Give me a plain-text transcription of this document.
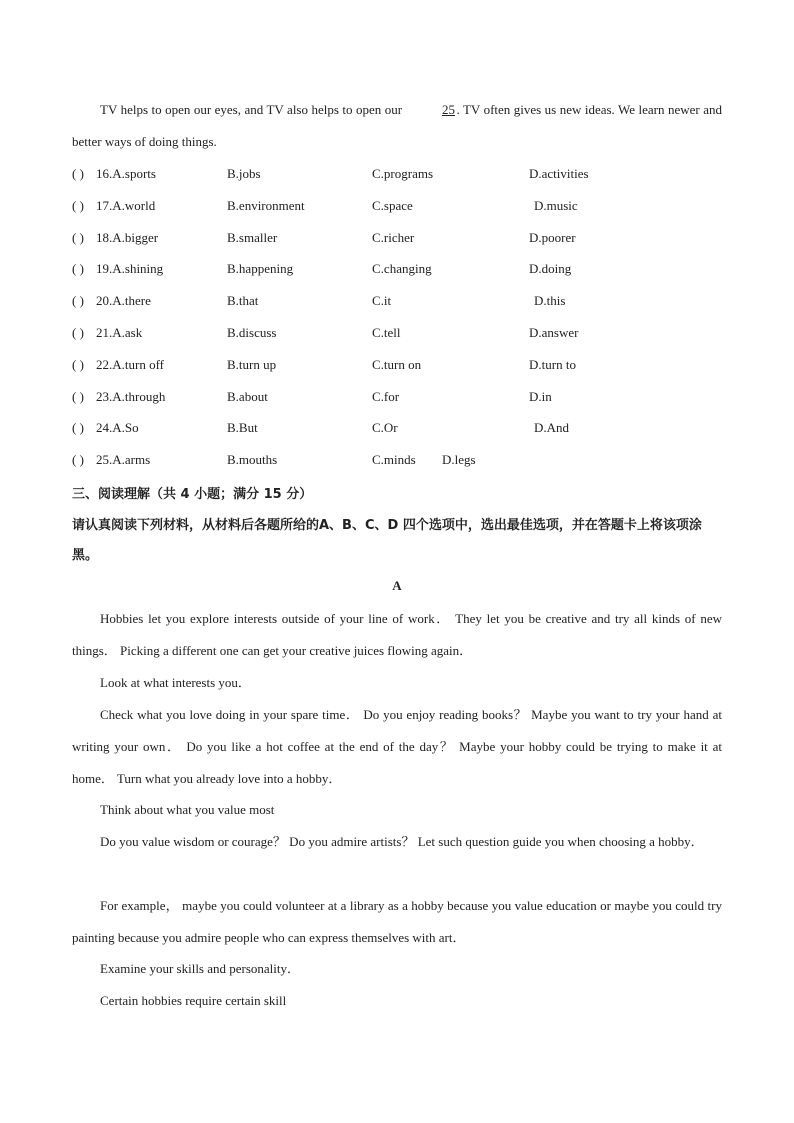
TV helps to open our eyes, and TV also helps to open our	25 . TV often gives us new ideas. We learn newer and better ways of doing things.
( ) 16.A.sports	B.jobs	C.programs	D.activities
( ) 17.A.world	B.environment	C.space	D.music
( ) 18.A.bigger	B.smaller	C.richer	D.poorer
( ) 19.A.shining	B.happening	C.changing	D.doing
( ) 20.A.there	B.that	C.it	D.this
( ) 21.A.ask	B.discuss	C.tell	D.answer
( ) 22.A.turn off	B.turn up	C.turn on	D.turn to
( ) 23.A.through	B.about	C.for	D.in
( ) 24.A.So	B.But	C.Or	D.And
( ) 25.A.arms	B.mouths	C.minds D.legs
三、阅读理解（共 4 小题；满分 15 分）
请认真阅读下列材料，从材料后各题所给的A、B、C、D 四个选项中，选出最佳选项，并在答题卡上将该项涂黑。
A
Hobbies let you explore interests outside of your line of work． They let you be creative and try all kinds of new things． Picking a different one can get your creative juices flowing again．
Look at what interests you．
Check what you love doing in your spare time． Do you enjoy reading books？ Maybe you want to try your hand at writing your own． Do you like a hot coffee at the end of the day？ Maybe your hobby could be trying to make it at home． Turn what you already love into a hobby．
Think about what you value most
Do you value wisdom or courage？ Do you admire artists？ Let such question guide you when choosing a hobby．
For example， maybe you could volunteer at a library as a hobby because you value education or maybe you could try painting because you admire people who can express themselves with art．
Examine your skills and personality．
Certain hobbies require certain skill
